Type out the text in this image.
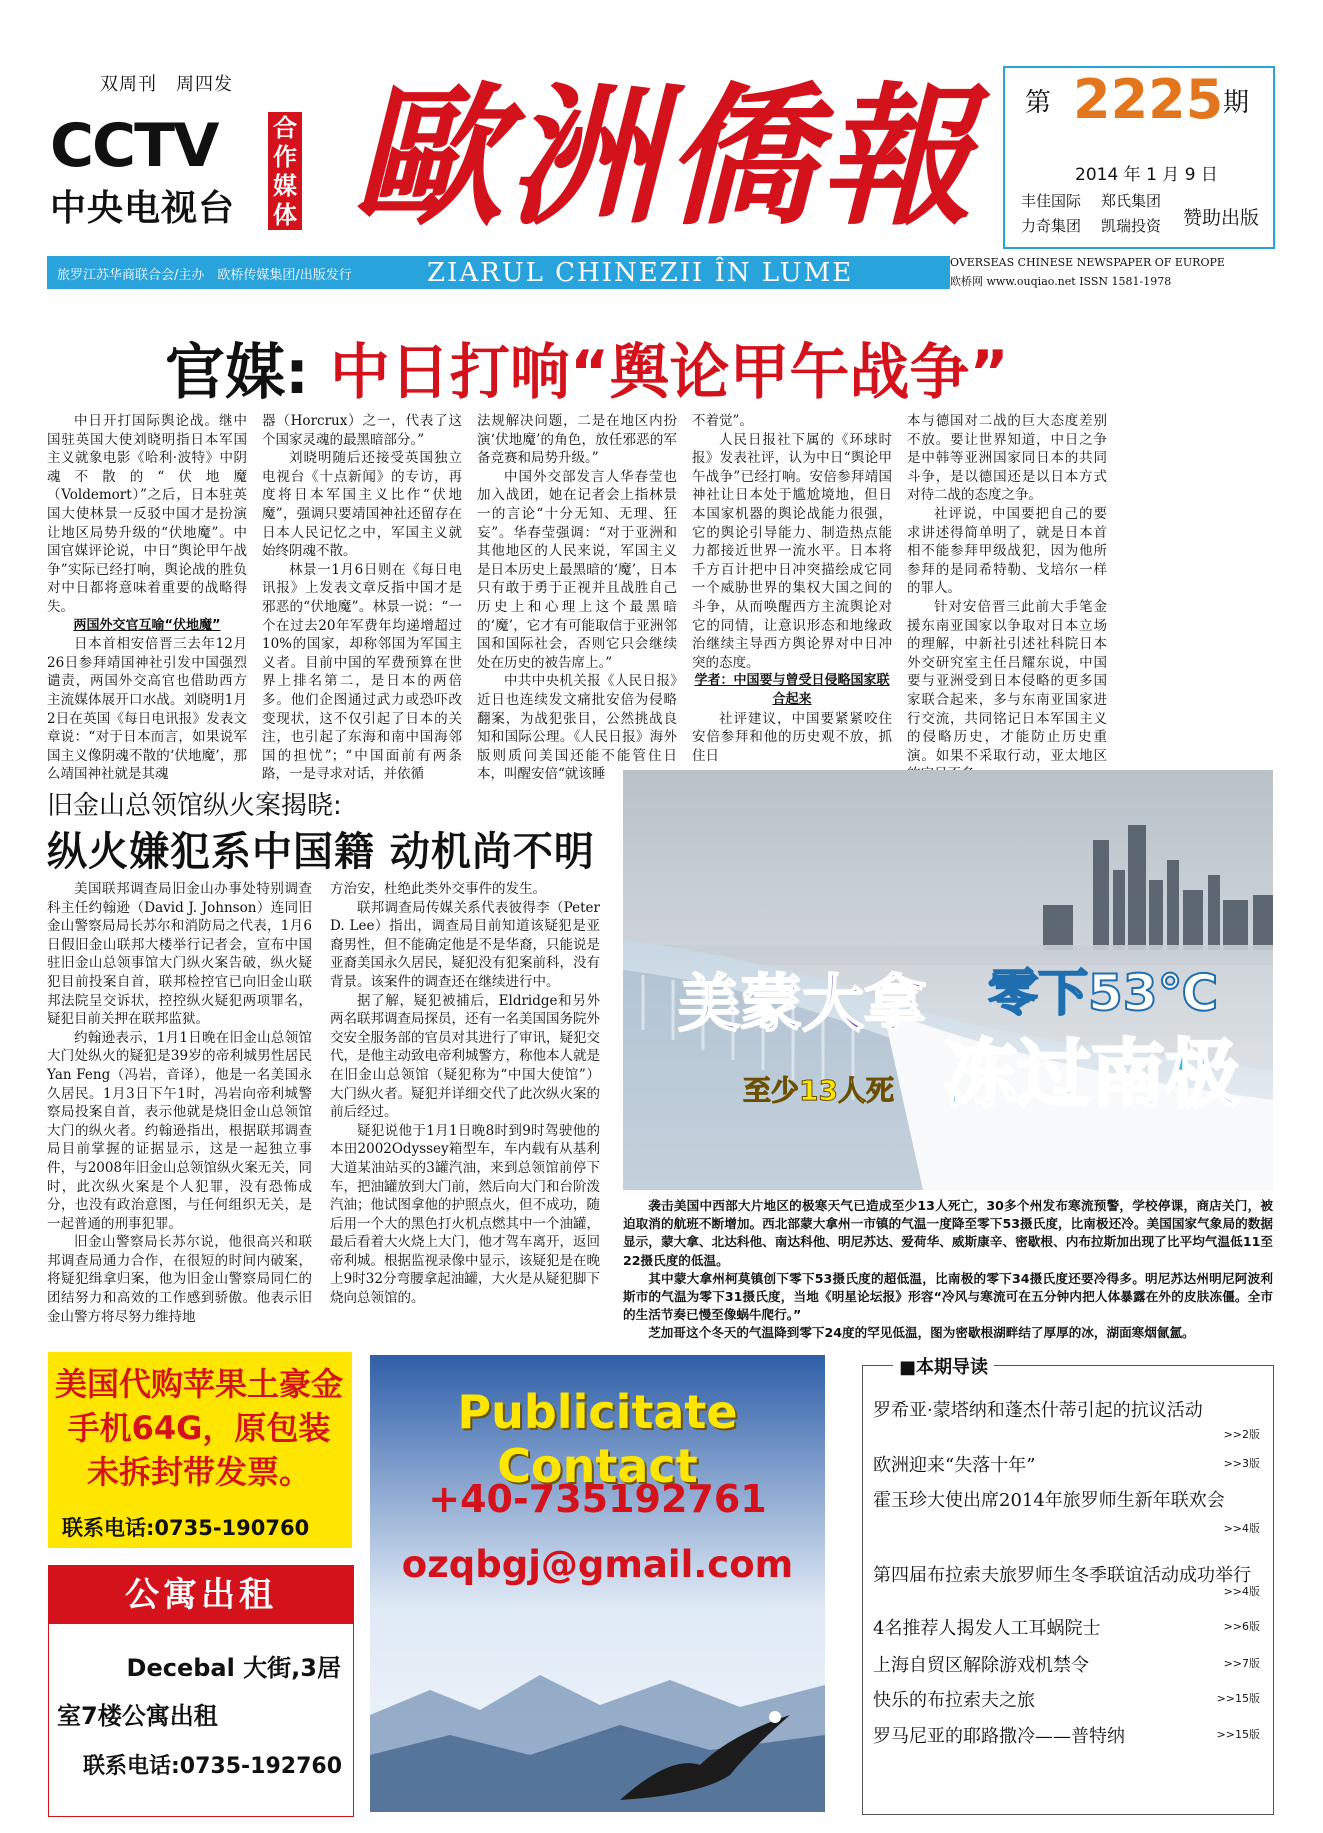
双周刊　周四发
CCTV 合作媒体
中央电视台 歐洲僑報 第 2225 期
2014 年 1 月 9 日
丰佳国际 郑氏集团
力奇集团 凯瑞投资 赞助出版
旅罗江苏华商联合会/主办　欧桥传媒集团/出版发行	ZIARUL CHINEZII ÎN LUME	OVERSEAS CHINESE NEWSPAPER OF EUROPE
欧桥网 www.ouqiao.net ISSN 1581-1978
官媒: 中日打响“舆论甲午战争”

中日开打国际舆论战。继中国驻英国大使刘晓明指日本军国主义就象电影《哈利·波特》中阴魂不散的“伏地魔（Voldemort）”之后，日本驻英国大使林景一反驳中国才是扮演让地区局势升级的“伏地魔”。中国官媒评论说，中日“舆论甲午战争”实际已经打响，舆论战的胜负对中日都将意味着重要的战略得失。

两国外交官互喻“伏地魔”

日本首相安倍晋三去年12月26日参拜靖国神社引发中国强烈谴责，两国外交高官也借助西方主流媒体展开口水战。刘晓明1月2日在英国《每日电讯报》发表文章说：“对于日本而言，如果说军国主义像阴魂不散的‘伏地魔’，那么靖国神社就是其魂

器（Horcrux）之一，代表了这个国家灵魂的最黑暗部分。”

刘晓明随后还接受英国独立电视台《十点新闻》的专访，再度将日本军国主义比作“伏地魔”，强调只要靖国神社还留存在日本人民记忆之中，军国主义就始终阴魂不散。

林景一1月6日则在《每日电讯报》上发表文章反指中国才是邪恶的“伏地魔”。林景一说：“一个在过去20年军费年均递增超过10%的国家，却称邻国为军国主义者。目前中国的军费预算在世界上排名第二，是日本的两倍多。他们企图通过武力或恐吓改变现状，这不仅引起了日本的关注，也引起了东海和南中国海邻国的担忧”；“中国面前有两条路，一是寻求对话，并依循

法规解决问题，二是在地区内扮演‘伏地魔’的角色，放任邪恶的军备竞赛和局势升级。”

中国外交部发言人华春莹也加入战团，她在记者会上指林景一的言论“十分无知、无理、狂妄”。华春莹强调：“对于亚洲和其他地区的人民来说，军国主义是日本历史上最黑暗的‘魔’，日本只有敢于勇于正视并且战胜自己历史上和心理上这个最黑暗的‘魔’，它才有可能取信于亚洲邻国和国际社会，否则它只会继续处在历史的被告席上。”

中共中央机关报《人民日报》近日也连续发文痛批安倍为侵略翻案，为战犯张目，公然挑战良知和国际公理。《人民日报》海外版则质问美国还能不能管住日本，叫醒安倍“就该睡

不着觉”。

人民日报社下属的《环球时报》发表社评，认为中日“舆论甲午战争”已经打响。安倍参拜靖国神社让日本处于尴尬境地，但日本国家机器的舆论战能力很强，它的舆论引导能力、制造热点能力都接近世界一流水平。日本将千方百计把中日冲突描绘成它同一个威胁世界的集权大国之间的斗争，从而唤醒西方主流舆论对它的同情，让意识形态和地缘政治继续主导西方舆论界对中日冲突的态度。

学者：中国要与曾受日侵略国家联合起来

社评建议，中国要紧紧咬住安倍参拜和他的历史观不放，抓住日

本与德国对二战的巨大态度差别不放。要让世界知道，中日之争是中韩等亚洲国家同日本的共同斗争，是以德国还是以日本方式对待二战的态度之争。

社评说，中国要把自己的要求讲述得简单明了，就是日本首相不能参拜甲级战犯，因为他所参拜的是同希特勒、戈培尔一样的罪人。

针对安倍晋三此前大手笔金援东南亚国家以争取对日本立场的理解，中新社引述社科院日本外交研究室主任吕耀东说，中国要与亚洲受到日本侵略的更多国家联合起来，多与东南亚国家进行交流，共同铭记日本军国主义的侵略历史，才能防止历史重演。如果不采取行动，亚太地区

旧金山总领馆纵火案揭晓:
纵火嫌犯系中国籍 动机尚不明

美国联邦调查局旧金山办事处特别调查科主任约翰逊（David J. Johnson）连同旧金山警察局局长苏尔和消防局之代表，1月6日假旧金山联邦大楼举行记者会，宣布中国驻旧金山总领事馆大门纵火案告破，纵火疑犯目前投案自首，联邦检控官已向旧金山联邦法院呈交诉状，控控纵火疑犯两项罪名，疑犯目前关押在联邦监狱。

约翰逊表示，1月1日晚在旧金山总领馆大门处纵火的疑犯是39岁的帝利城男性居民Yan Feng（冯岩，音译），他是一名美国永久居民。1月3日下午1时，冯岩向帝利城警察局投案自首，表示他就是烧旧金山总领馆大门的纵火者。约翰逊指出，根据联邦调查局目前掌握的证据显示，这是一起独立事件，与2008年旧金山总领馆纵火案无关，同时，此次纵火案是个人犯罪，没有恐怖成分，也没有政治意图，与任何组织无关，是一起普通的刑事犯罪。

旧金山警察局长苏尔说，他很高兴和联邦调查局通力合作，在很短的时间内破案，将疑犯缉拿归案，他为旧金山警察局同仁的团结努力和高效的工作感到骄傲。他表示旧金山警方将尽努力维持地

方治安，杜绝此类外交事件的发生。

联邦调查局传媒关系代表彼得李（Peter D. Lee）指出，调查局目前知道该疑犯是亚裔男性，但不能确定他是不是华裔，只能说是亚裔美国永久居民，疑犯没有犯案前科，没有背景。该案件的调查还在继续进行中。

据了解，疑犯被捕后，Eldridge和另外两名联邦调查局探员，还有一名美国国务院外交安全服务部的官员对其进行了审讯，疑犯交代，是他主动致电帝利城警方，称他本人就是在旧金山总领馆（疑犯称为“中国大使馆”）大门纵火者。疑犯并详细交代了此次纵火案的前后经过。

疑犯说他于1月1日晚8时到9时驾驶他的本田2002Odyssey箱型车，车内载有从基利大道某油站买的3罐汽油，来到总领馆前停下车，把油罐放到大门前，然后向大门和台阶泼汽油；他试图拿他的护照点火，但不成功，随后用一个大的黑色打火机点燃其中一个油罐，最后看着大火烧上大门，他才驾车离开，返回帝利城。根据监视录像中显示，该疑犯是在晚上9时32分弯腰拿起油罐，大火是从疑犯脚下烧向总领馆的。

美蒙大拿 零下53℃
至少13人死 冻过南极

袭击美国中西部大片地区的极寒天气已造成至少13人死亡，30多个州发布寒流预警，学校停课，商店关门，被迫取消的航班不断增加。西北部蒙大拿州一市镇的气温一度降至零下53摄氏度，比南极还冷。美国国家气象局的数据显示，蒙大拿、北达科他、南达科他、明尼苏达、爱荷华、威斯康辛、密歇根、内布拉斯加出现了比平均气温低11至22摄氏度的低温。

其中蒙大拿州柯莫镇创下零下53摄氏度的超低温，比南极的零下34摄氏度还要冷得多。明尼苏达州明尼阿波利斯市的气温为零下31摄氏度，当地《明星论坛报》形容“冷风与寒流可在五分钟内把人体暴露在外的皮肤冻僵。全市的生活节奏已慢至像蜗牛爬行。”

芝加哥这个冬天的气温降到零下24度的罕见低温，图为密歇根湖畔结了厚厚的冰，湖面寒烟氤氲。

美国代购苹果土豪金手机64G，原包装未拆封带发票。
联系电话:0735-190760
公寓出租
Decebal 大街,3居
室7楼公寓出租
联系电话:0735-192760
Publicitate Contact
+40-735192761
ozqbgj@gmail.com
■本期导读
罗希亚·蒙塔纳和蓬杰什蒂引起的抗议活动
>>2版
欧洲迎来“失落十年”	>>3版
霍玉珍大使出席2014年旅罗师生新年联欢会
>>4版
第四届布拉索夫旅罗师生冬季联谊活动成功举行
>>4版
4名推荐人揭发人工耳蜗院士	>>6版
上海自贸区解除游戏机禁令	>>7版
快乐的布拉索夫之旅	>>15版
罗马尼亚的耶路撒冷——普特纳	>>15版
